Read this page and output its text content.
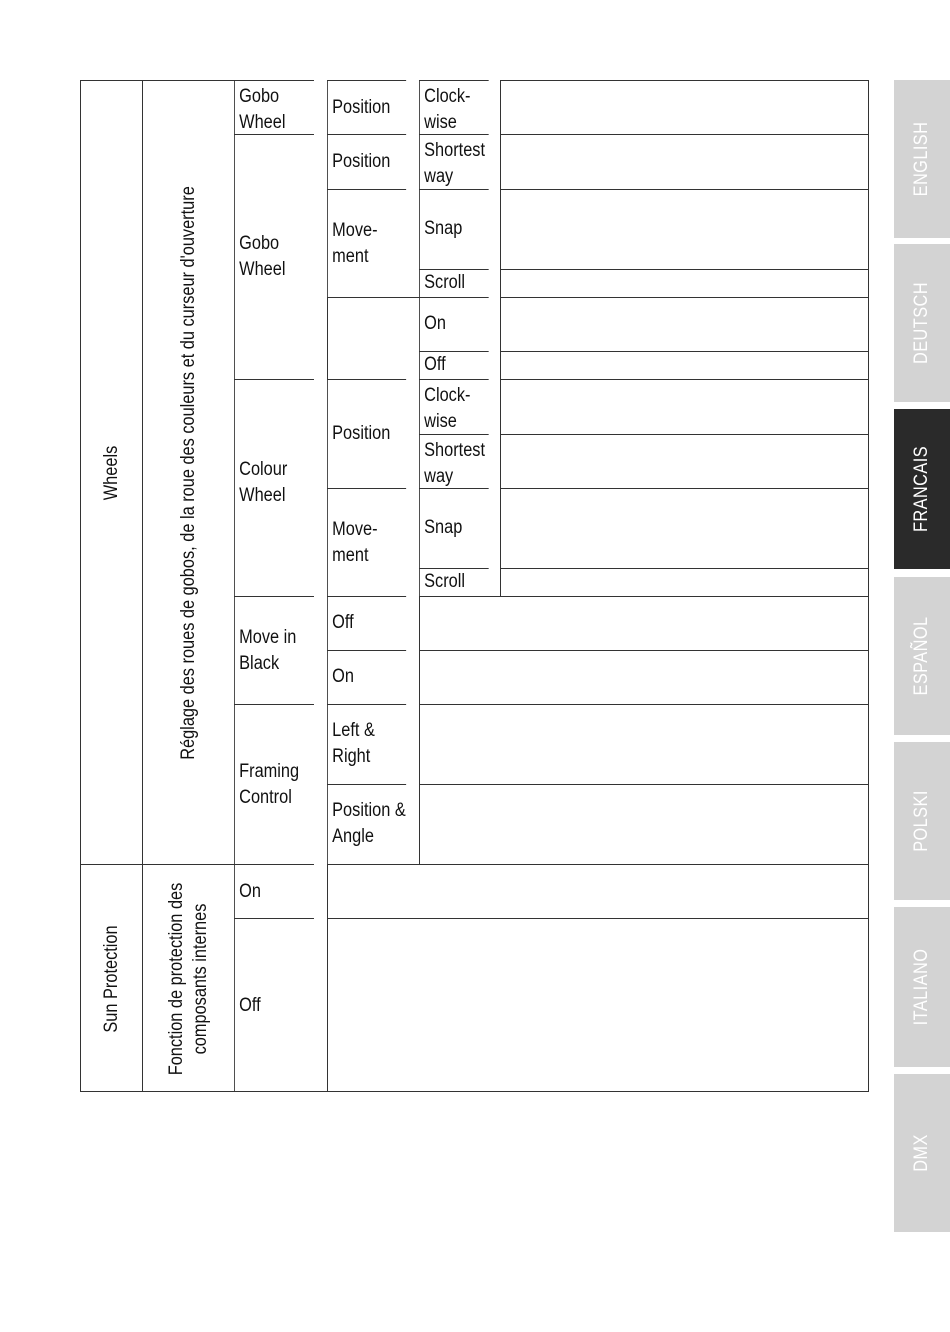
Wheels
Sun Protection
Réglage des roues de gobos, de la roue des couleurs et du curseur d'ouverture
Fonction de protection des composants internes
Gobo
Wheel
Gobo
Wheel
Colour
Wheel
Move in
Black
Framing
Control
On
Off
Position
Position
Move-
ment
Position
Move-
ment
Off
On
Left &
Right
Position &
Angle
Clock-
wise
Shortest
way
Snap
Scroll
On
Off
Clock-
wise
Shortest
way
Snap
Scroll
ENGLISH
DEUTSCH
FRANCAIS
ESPAÑOL
POLSKI
ITALIANO
DMX
